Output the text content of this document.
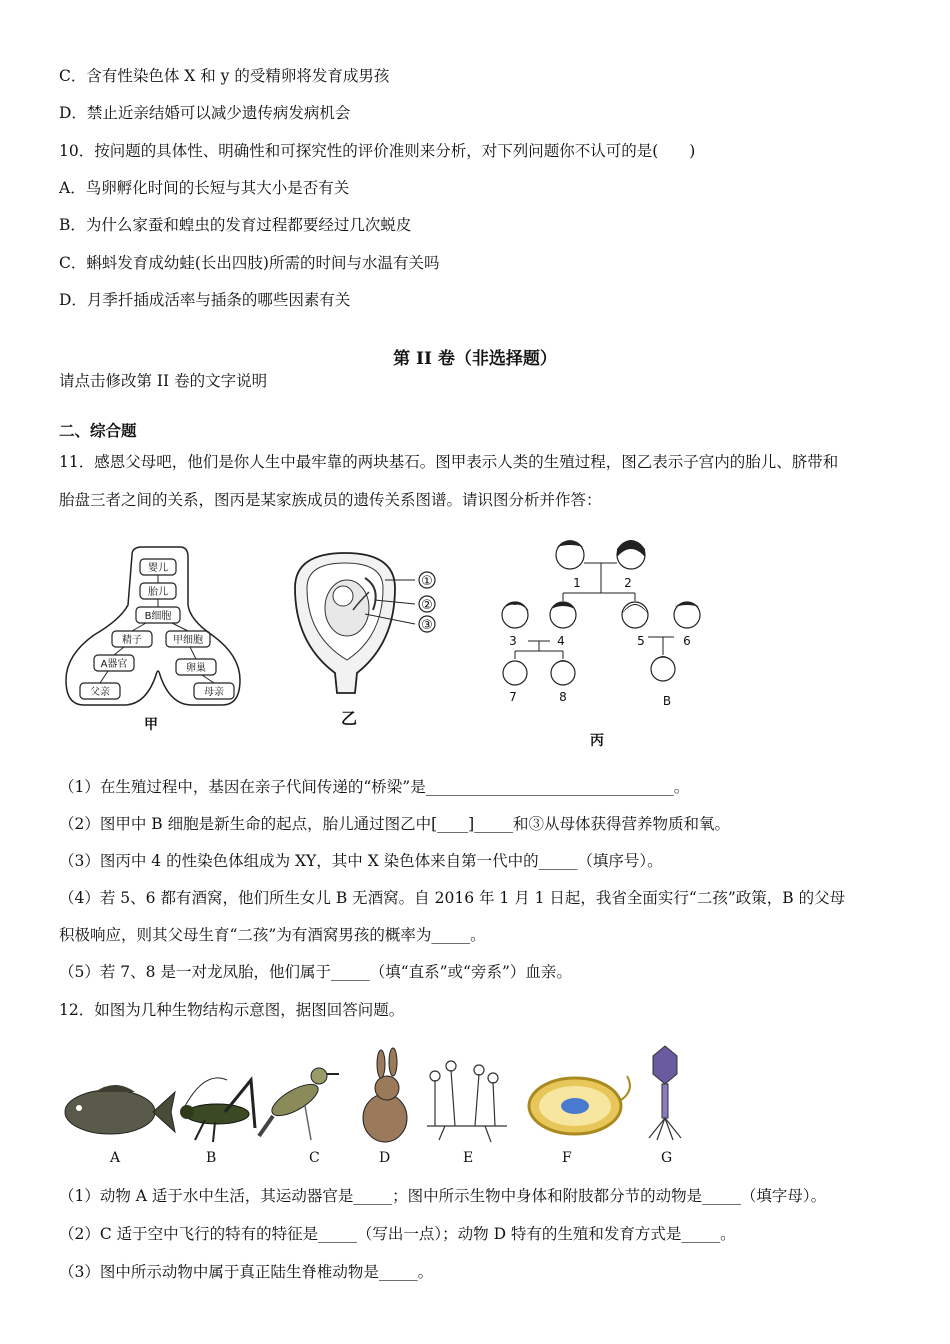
C．含有性染色体 X 和 y 的受精卵将发育成男孩
D．禁止近亲结婚可以减少遗传病发病机会
10．按问题的具体性、明确性和可探究性的评价准则来分析，对下列问题你不认可的是(　　)
A．鸟卵孵化时间的长短与其大小是否有关
B．为什么家蚕和蝗虫的发育过程都要经过几次蜕皮
C．蝌蚪发育成幼蛙(长出四肢)所需的时间与水温有关吗
D．月季扦插成活率与插条的哪些因素有关
第 II 卷（非选择题）
请点击修改第 II 卷的文字说明
二、综合题
11．感恩父母吧，他们是你人生中最牢靠的两块基石。图甲表示人类的生殖过程，图乙表示子宫内的胎儿、脐带和
胎盘三者之间的关系，图丙是某家族成员的遗传关系图谱。请识图分析并作答：
婴儿
胎儿
B细胞
精子	甲细胞
A器官	卵巢
父亲	母亲
甲
①
②
③
乙
1	2
3	4	5	6
7	8	B
丙
（1）在生殖过程中，基因在亲子代间传递的“桥梁”是________________________________。
（2）图甲中 B 细胞是新生命的起点，胎儿通过图乙中[____]_____和③从母体获得营养物质和氧。
（3）图丙中 4 的性染色体组成为 XY，其中 X 染色体来自第一代中的_____（填序号）。
（4）若 5、6 都有酒窝，他们所生女儿 B 无酒窝。自 2016 年 1 月 1 日起，我省全面实行“二孩”政策，B 的父母
积极响应，则其父母生育“二孩”为有酒窝男孩的概率为_____。
（5）若 7、8 是一对龙凤胎，他们属于_____（填“直系”或“旁系”）血亲。
12．如图为几种生物结构示意图，据图回答问题。
A	B	C	D	E	F	G
（1）动物 A 适于水中生活，其运动器官是_____；图中所示生物中身体和附肢都分节的动物是_____（填字母）。
（2）C 适于空中飞行的特有的特征是_____（写出一点）；动物 D 特有的生殖和发育方式是_____。
（3）图中所示动物中属于真正陆生脊椎动物是_____。
